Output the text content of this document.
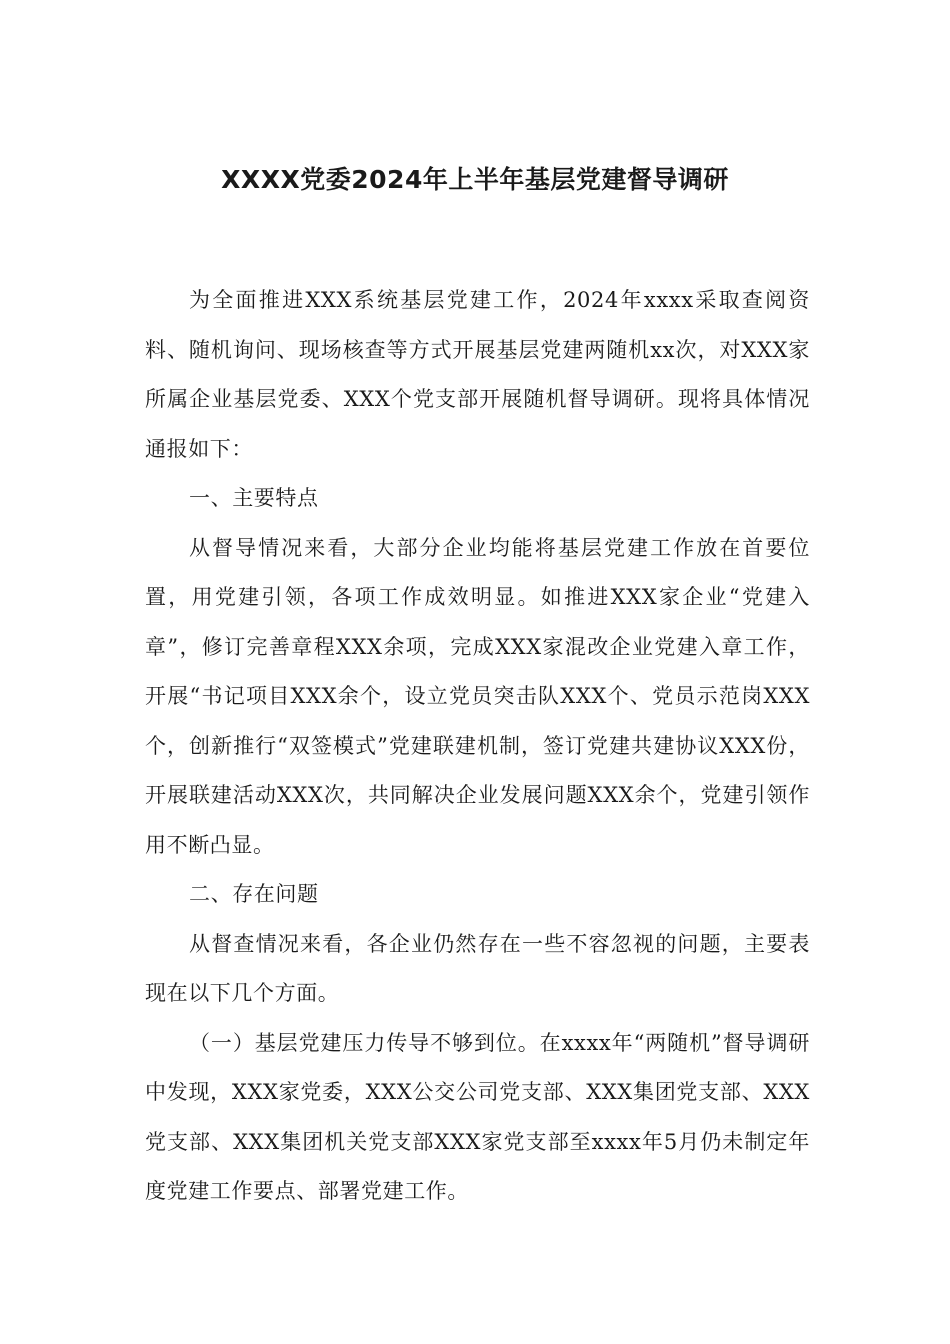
XXXX党委2024年上半年基层党建督导调研

为全面推进XXX系统基层党建工作，2024年xxxx采取查阅资料、随机询问、现场核查等方式开展基层党建两随机xx次，对XXX家所属企业基层党委、XXX个党支部开展随机督导调研。现将具体情况通报如下：

一、主要特点

从督导情况来看，大部分企业均能将基层党建工作放在首要位置，用党建引领，各项工作成效明显。如推进XXX家企业“党建入章”，修订完善章程XXX余项，完成XXX家混改企业党建入章工作，开展“书记项目XXX余个，设立党员突击队XXX个、党员示范岗XXX个，创新推行“双签模式”党建联建机制，签订党建共建协议XXX份，开展联建活动XXX次，共同解决企业发展问题XXX余个，党建引领作用不断凸显。

二、存在问题

从督查情况来看，各企业仍然存在一些不容忽视的问题，主要表现在以下几个方面。

（一）基层党建压力传导不够到位。在xxxx年“两随机”督导调研中发现，XXX家党委，XXX公交公司党支部、XXX集团党支部、XXX党支部、XXX集团机关党支部XXX家党支部至xxxx年5月仍未制定年度党建工作要点、部署党建工作。
